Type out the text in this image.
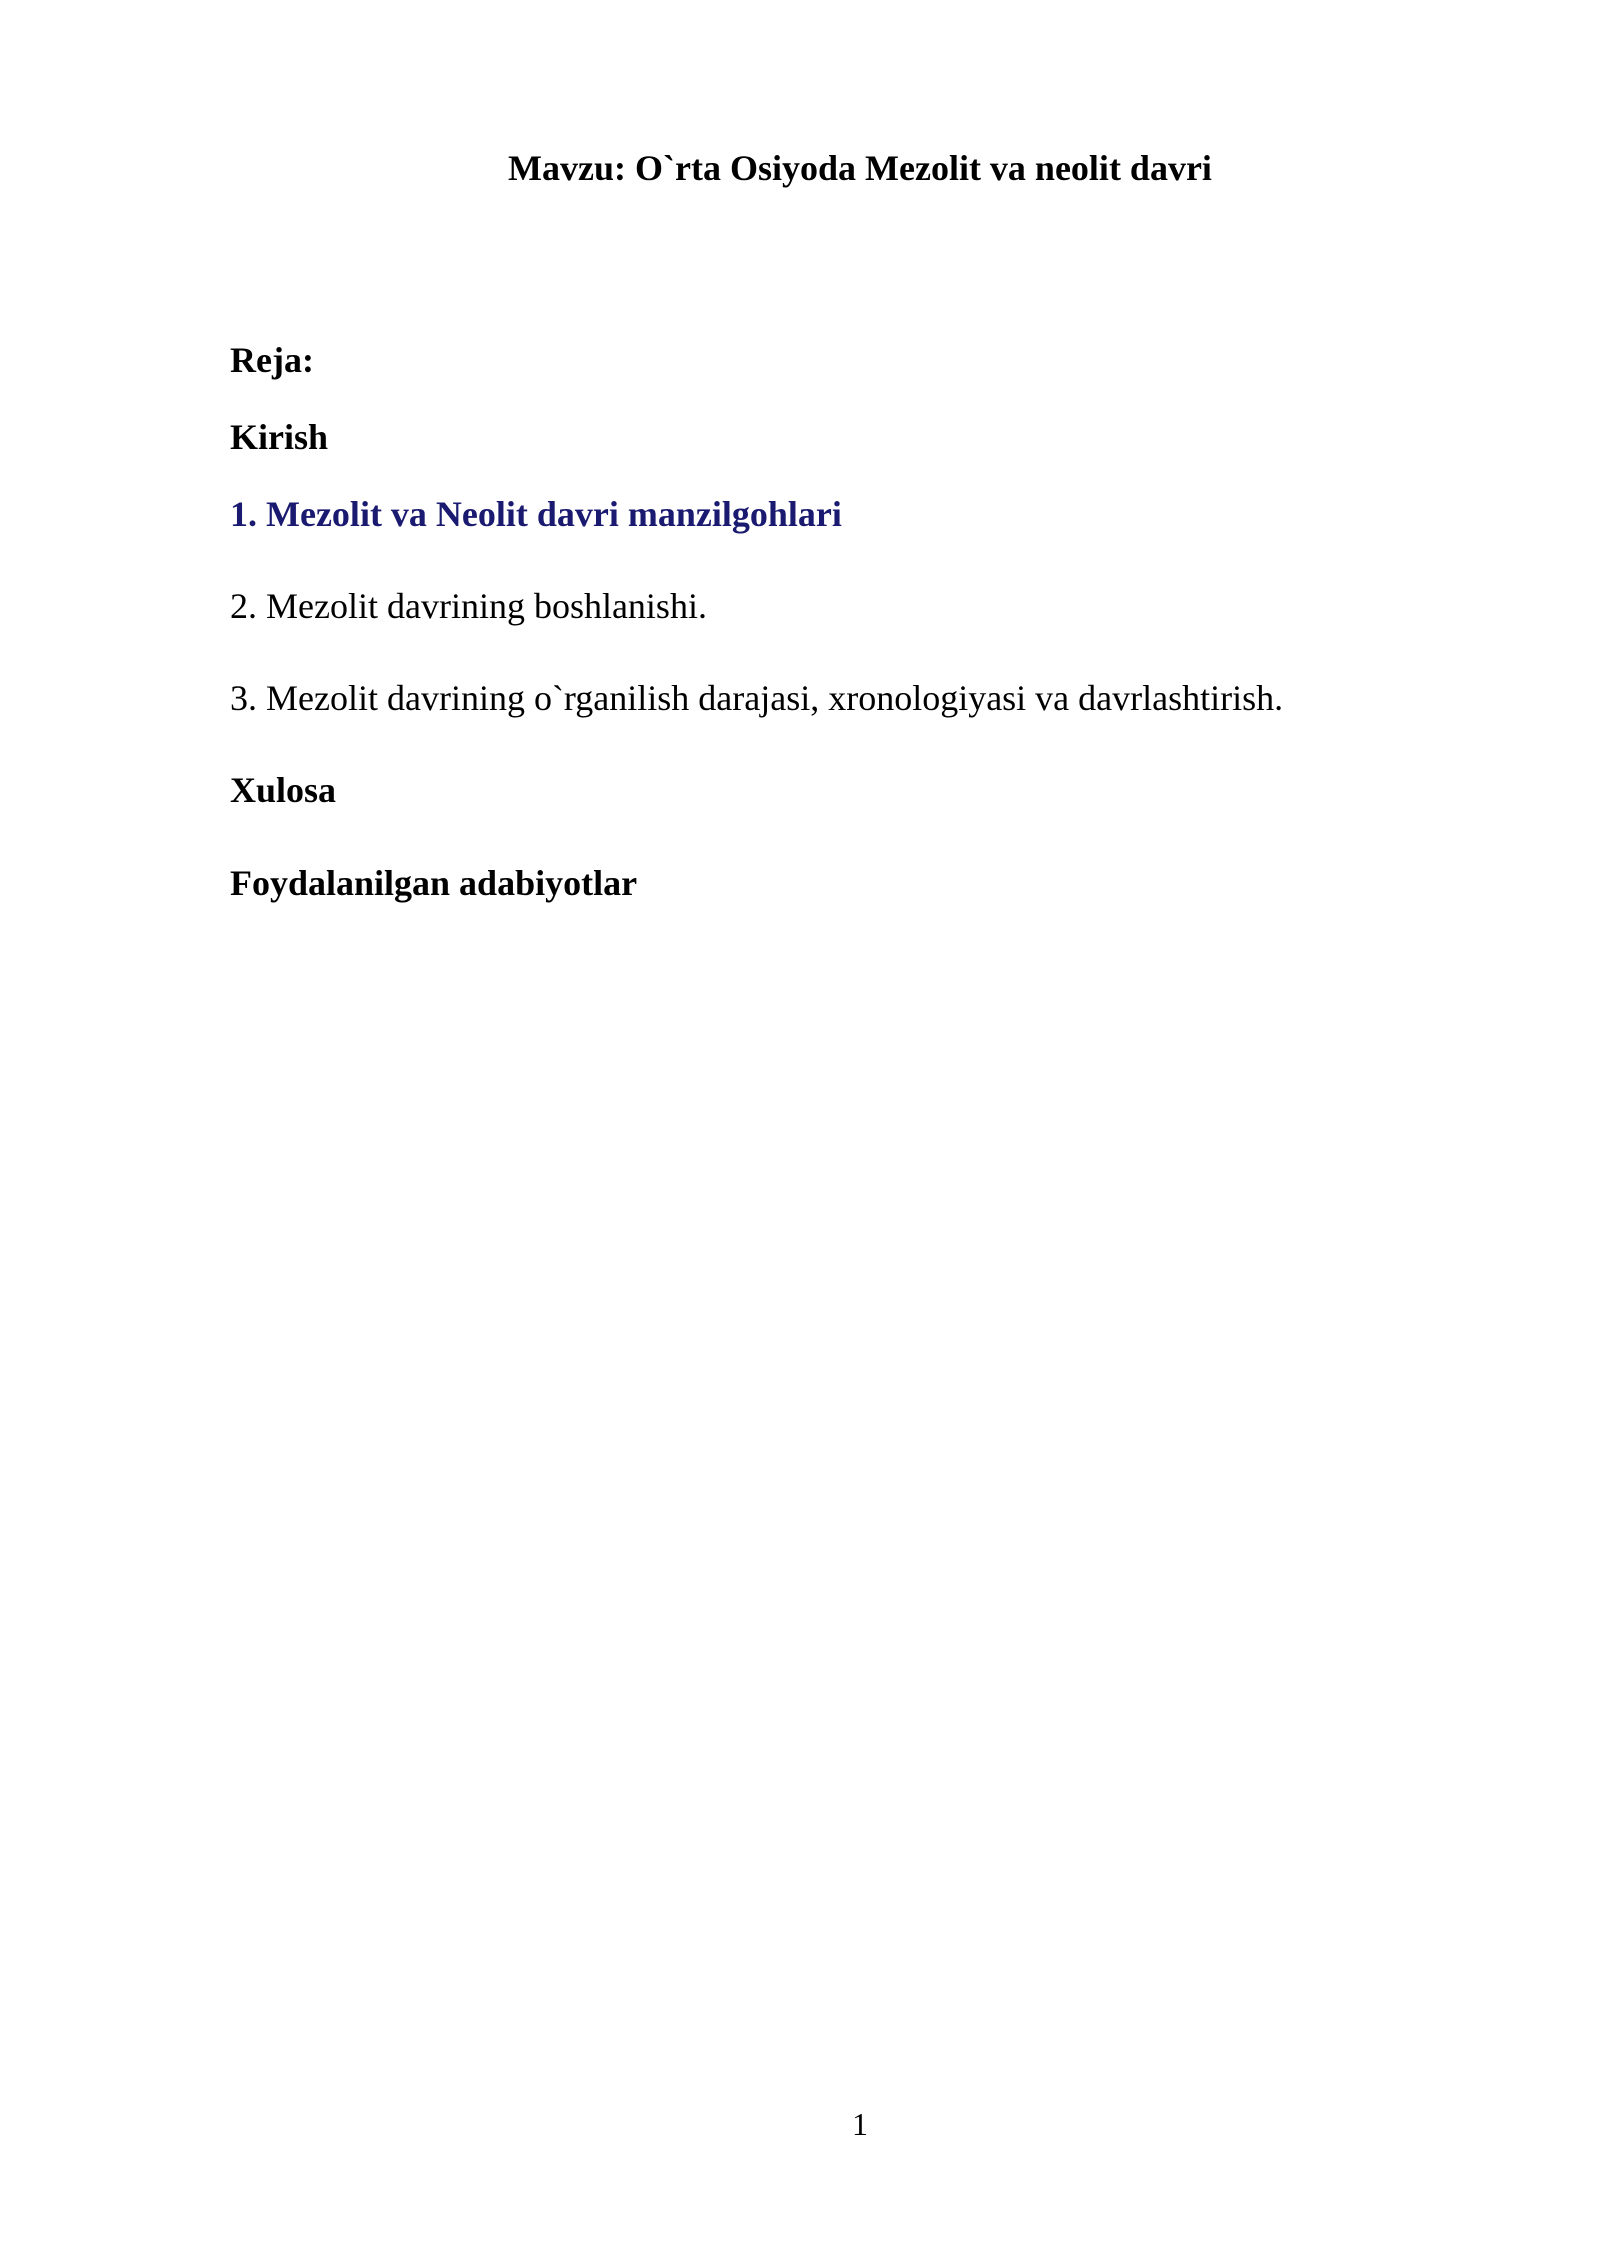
Mavzu: O`rta Osiyoda Mezolit va neolit davri
Reja:
Kirish
1. Mezolit va Neolit davri manzilgohlari
2. Mezolit davrining boshlanishi.
3. Mezolit davrining o`rganilish darajasi, xronologiyasi va davrlashtirish.
Xulosa
Foydalanilgan adabiyotlar
1
